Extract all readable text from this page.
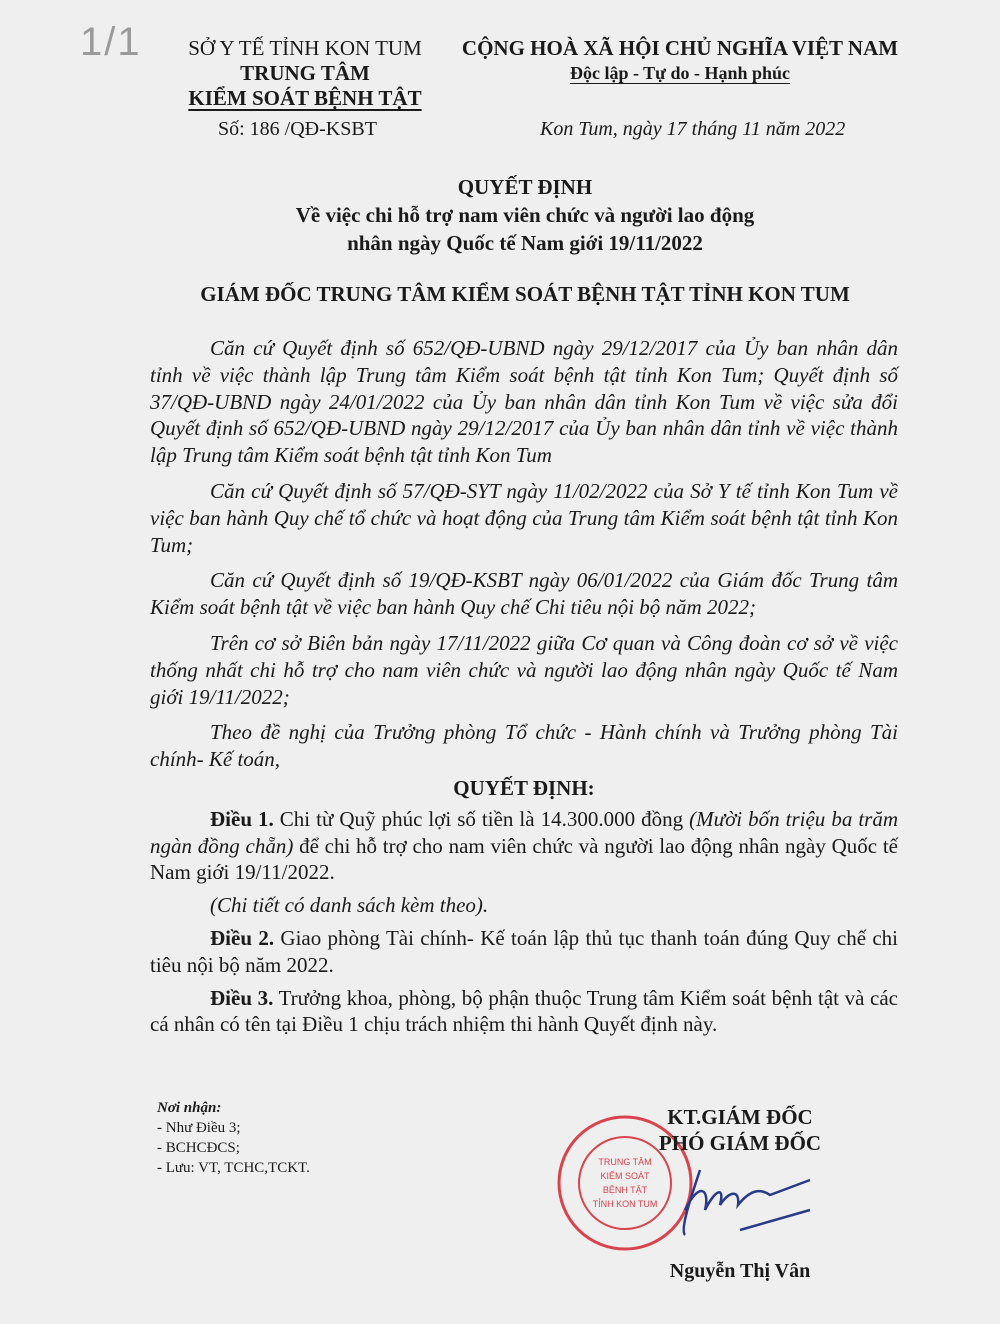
1/1	SỞ Y TẾ TỈNH KON TUM
TRUNG TÂM
KIỂM SOÁT BỆNH TẬT
CỘNG HOÀ XÃ HỘI CHỦ NGHĨA VIỆT NAM
Độc lập - Tự do - Hạnh phúc
Số: 186 /QĐ-KSBT	Kon Tum, ngày 17 tháng 11 năm 2022
QUYẾT ĐỊNH
Về việc chi hỗ trợ nam viên chức và người lao động
nhân ngày Quốc tế Nam giới 19/11/2022
GIÁM ĐỐC TRUNG TÂM KIỂM SOÁT BỆNH TẬT TỈNH KON TUM

Căn cứ Quyết định số 652/QĐ-UBND ngày 29/12/2017 của Ủy ban nhân dân tỉnh về việc thành lập Trung tâm Kiểm soát bệnh tật tỉnh Kon Tum; Quyết định số 37/QĐ-UBND ngày 24/01/2022 của Ủy ban nhân dân tỉnh Kon Tum về việc sửa đổi Quyết định số 652/QĐ-UBND ngày 29/12/2017 của Ủy ban nhân dân tỉnh về việc thành lập Trung tâm Kiểm soát bệnh tật tỉnh Kon Tum

Căn cứ Quyết định số 57/QĐ-SYT ngày 11/02/2022 của Sở Y tế tỉnh Kon Tum về việc ban hành Quy chế tổ chức và hoạt động của Trung tâm Kiểm soát bệnh tật tỉnh Kon Tum;

Căn cứ Quyết định số 19/QĐ-KSBT ngày 06/01/2022 của Giám đốc Trung tâm Kiểm soát bệnh tật về việc ban hành Quy chế Chi tiêu nội bộ năm 2022;

Trên cơ sở Biên bản ngày 17/11/2022 giữa Cơ quan và Công đoàn cơ sở về việc thống nhất chi hỗ trợ cho nam viên chức và người lao động nhân ngày Quốc tế Nam giới 19/11/2022;

Theo đề nghị của Trưởng phòng Tổ chức - Hành chính và Trưởng phòng Tài chính- Kế toán,

QUYẾT ĐỊNH:

Điều 1. Chi từ Quỹ phúc lợi số tiền là 14.300.000 đồng (Mười bốn triệu ba trăm ngàn đồng chẵn) để chi hỗ trợ cho nam viên chức và người lao động nhân ngày Quốc tế Nam giới 19/11/2022.

(Chi tiết có danh sách kèm theo).

Điều 2. Giao phòng Tài chính- Kế toán lập thủ tục thanh toán đúng Quy chế chi tiêu nội bộ năm 2022.

Điều 3. Trưởng khoa, phòng, bộ phận thuộc Trung tâm Kiểm soát bệnh tật và các cá nhân có tên tại Điều 1 chịu trách nhiệm thi hành Quyết định này.

Nơi nhận:
- Như Điều 3;
- BCHCĐCS;
- Lưu: VT, TCHC,TCKT.	TRUNG TÂM
KIỂM SOÁT
BỆNH TẬT
TỈNH KON TUM
KT.GIÁM ĐỐC
PHÓ GIÁM ĐỐC
Nguyễn Thị Vân
